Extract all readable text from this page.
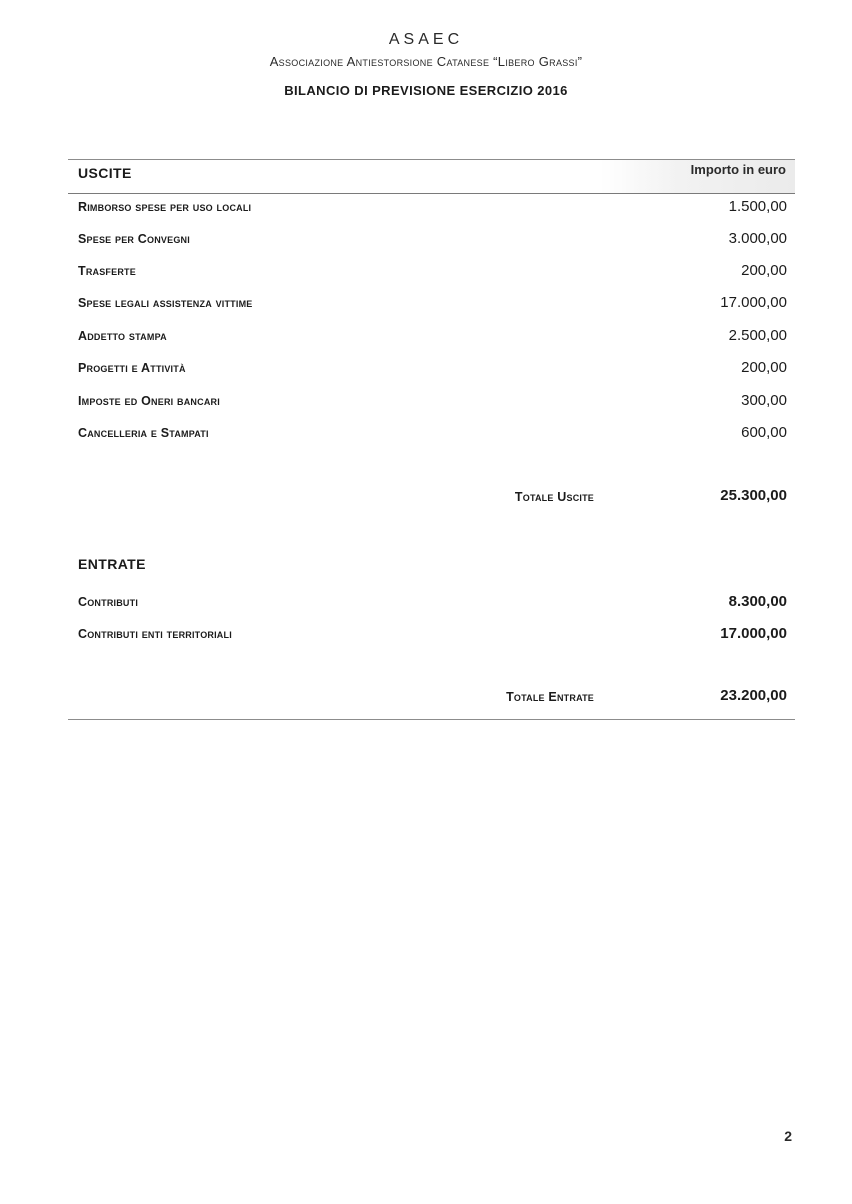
ASAEC
Associazione Antiestorsione Catanese “Libero Grassi”
BILANCIO DI PREVISIONE ESERCIZIO 2016
USCITE	Importo in euro
Rimborso spese per uso locali	1.500,00
Spese per Convegni	3.000,00
Trasferte	200,00
Spese legali assistenza vittime	17.000,00
Addetto stampa	2.500,00
Progetti e Attività	200,00
Imposte ed Oneri bancari	300,00
Cancelleria e Stampati	600,00
Totale Uscite	25.300,00
ENTRATE
Contributi	8.300,00
Contributi enti territoriali	17.000,00
Totale Entrate	23.200,00
2
